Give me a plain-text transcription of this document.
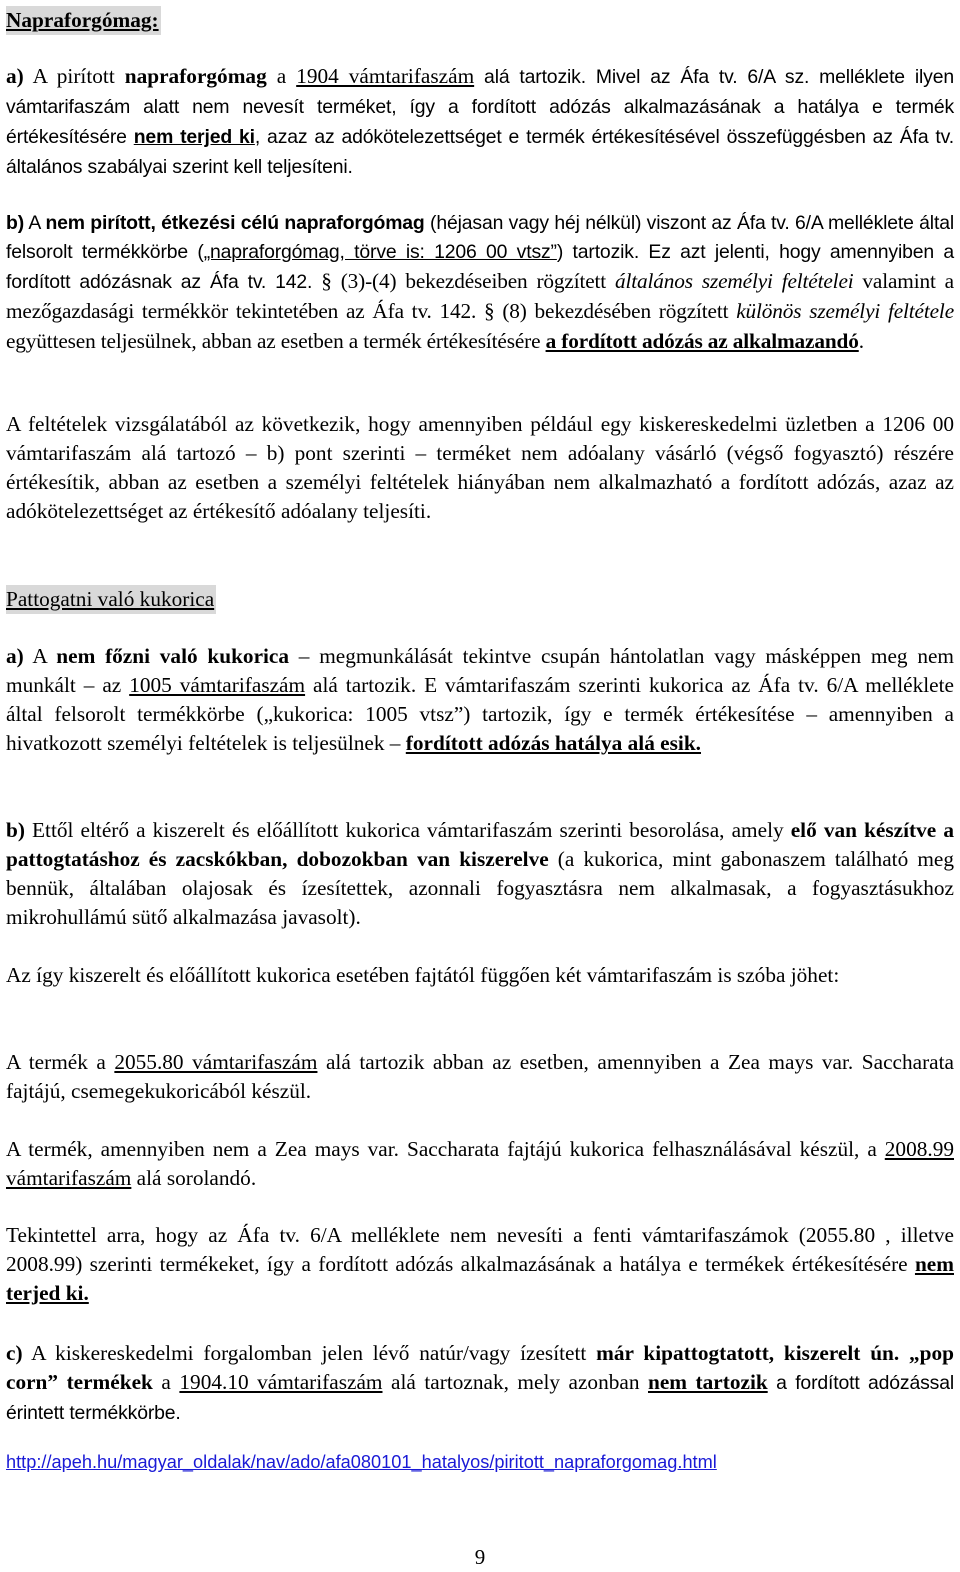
Napraforgómag:

a) A pirított napraforgómag a 1904 vámtarifaszám alá tartozik. Mivel az Áfa tv. 6/A sz. melléklete ilyen vámtarifaszám alatt nem nevesít terméket, így a fordított adózás alkalmazásának a hatálya e termék értékesítésére nem terjed ki, azaz az adókötelezettséget e termék értékesítésével összefüggésben az Áfa tv. általános szabályai szerint kell teljesíteni.

b) A nem pirított, étkezési célú napraforgómag (héjasan vagy héj nélkül) viszont az Áfa tv. 6/A melléklete által felsorolt termékkörbe („napraforgómag, törve is: 1206 00 vtsz”) tartozik. Ez azt jelenti, hogy amennyiben a fordított adózásnak az Áfa tv. 142. § (3)-(4) bekezdéseiben rögzített általános személyi feltételei valamint a mezőgazdasági termékkör tekintetében az Áfa tv. 142. § (8) bekezdésében rögzített különös személyi feltétele együttesen teljesülnek, abban az esetben a termék értékesítésére a fordított adózás az alkalmazandó.

A feltételek vizsgálatából az következik, hogy amennyiben például egy kiskereskedelmi üzletben a 1206 00 vámtarifaszám alá tartozó – b) pont szerinti – terméket nem adóalany vásárló (végső fogyasztó) részére értékesítik, abban az esetben a személyi feltételek hiányában nem alkalmazható a fordított adózás, azaz az adókötelezettséget az értékesítő adóalany teljesíti.

Pattogatni való kukorica

a) A nem főzni való kukorica – megmunkálását tekintve csupán hántolatlan vagy másképpen meg nem munkált – az 1005 vámtarifaszám alá tartozik. E vámtarifaszám szerinti kukorica az Áfa tv. 6/A melléklete által felsorolt termékkörbe („kukorica: 1005 vtsz”) tartozik, így e termék értékesítése – amennyiben a hivatkozott személyi feltételek is teljesülnek – fordított adózás hatálya alá esik.

b) Ettől eltérő a kiszerelt és előállított kukorica vámtarifaszám szerinti besorolása, amely elő van készítve a pattogtatáshoz és zacskókban, dobozokban van kiszerelve (a kukorica, mint gabonaszem található meg bennük, általában olajosak és ízesítettek, azonnali fogyasztásra nem alkalmasak, a fogyasztásukhoz mikrohullámú sütő alkalmazása javasolt).

Az így kiszerelt és előállított kukorica esetében fajtától függően két vámtarifaszám is szóba jöhet:

A termék a 2055.80 vámtarifaszám alá tartozik abban az esetben, amennyiben a Zea mays var. Saccharata fajtájú, csemegekukoricából készül.

A termék, amennyiben nem a Zea mays var. Saccharata fajtájú kukorica felhasználásával készül, a 2008.99 vámtarifaszám alá sorolandó.

Tekintettel arra, hogy az Áfa tv. 6/A melléklete nem nevesíti a fenti vámtarifaszámok (2055.80 , illetve 2008.99) szerinti termékeket, így a fordított adózás alkalmazásának a hatálya e termékek értékesítésére nem terjed ki.

c) A kiskereskedelmi forgalomban jelen lévő natúr/vagy ízesített már kipattogtatott, kiszerelt ún. „pop corn” termékek a 1904.10 vámtarifaszám alá tartoznak, mely azonban nem tartozik a fordított adózással érintett termékkörbe.

http://apeh.hu/magyar_oldalak/nav/ado/afa080101_hatalyos/piritott_napraforgomag.html
9
